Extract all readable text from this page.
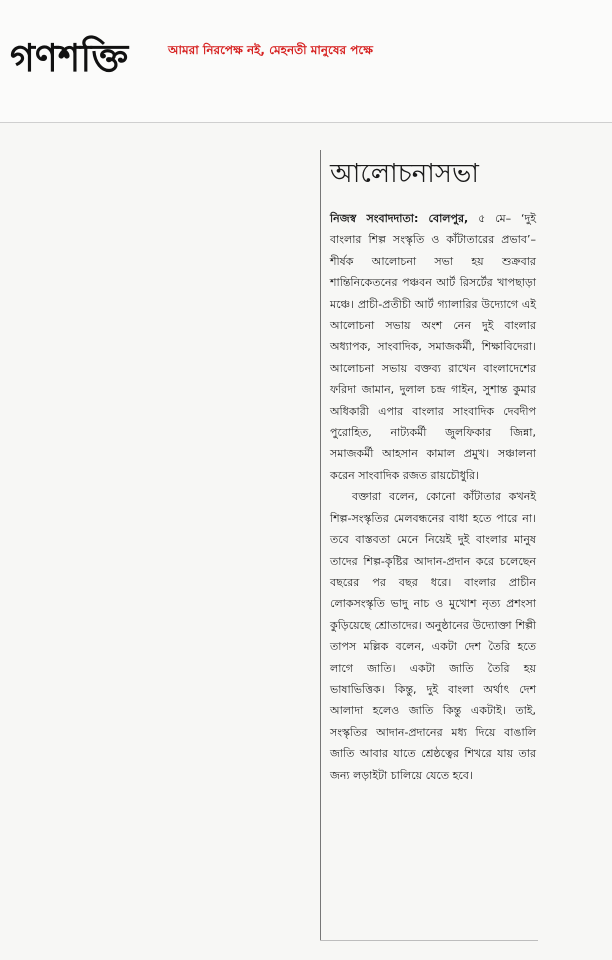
গণশক্তি	আমরা নিরপেক্ষ নই, মেহনতী মানুষের পক্ষে
আলোচনাসভা

নিজস্ব সংবাদদাতা: বোলপুর, ৫ মে– ‘দুই বাংলার শিল্প সংস্কৃতি ও কাঁটাতারের প্রভাব’– শীর্ষক আলোচনা সভা হয় শুক্রবার শান্তিনিকেতনের পঞ্চবন আর্ট রিসর্টের খাপছাড়া মঞ্চে। প্রাচী-প্রতীচী আর্ট গ্যালারির উদ্যোগে এই আলোচনা সভায় অংশ নেন দুই বাংলার অধ্যাপক, সাংবাদিক, সমাজকর্মী, শিক্ষাবিদেরা। আলোচনা সভায় বক্তব্য রাখেন বাংলাদেশের ফরিদা জামান, দুলাল চন্দ্র গাইন, সুশান্ত কুমার অধিকারী এপার বাংলার সাংবাদিক দেবদীপ পুরোহিত, নাট্যকর্মী জুলফিকার জিন্না, সমাজকর্মী আহসান কামাল প্রমুখ। সঞ্চালনা করেন সাংবাদিক রজত রায়চৌধুরি।

বক্তারা বলেন, কোনো কাঁটাতার কখনই শিল্প-সংস্কৃতির মেলবন্ধনের বাধা হতে পারে না। তবে বাস্তবতা মেনে নিয়েই দুই বাংলার মানুষ তাদের শিল্প-কৃষ্টির আদান-প্রদান করে চলেছেন বছরের পর বছর ধরে। বাংলার প্রাচীন লোকসংস্কৃতি ভাদু নাচ ও মুখোশ নৃত্য প্রশংসা কুড়িয়েছে শ্রোতাদের। অনুষ্ঠানের উদ্যোক্তা শিল্পী তাপস মল্লিক বলেন, একটা দেশ তৈরি হতে লাগে জাতি। একটা জাতি তৈরি হয় ভাষাভিত্তিক। কিন্তু, দুই বাংলা অর্থাৎ দেশ আলাদা হলেও জাতি কিন্তু একটাই। তাই, সংস্কৃতির আদান-প্রদানের মধ্য দিয়ে বাঙালি জাতি আবার যাতে শ্রেষ্ঠত্বের শিখরে যায় তার জন্য লড়াইটা চালিয়ে যেতে হবে।
